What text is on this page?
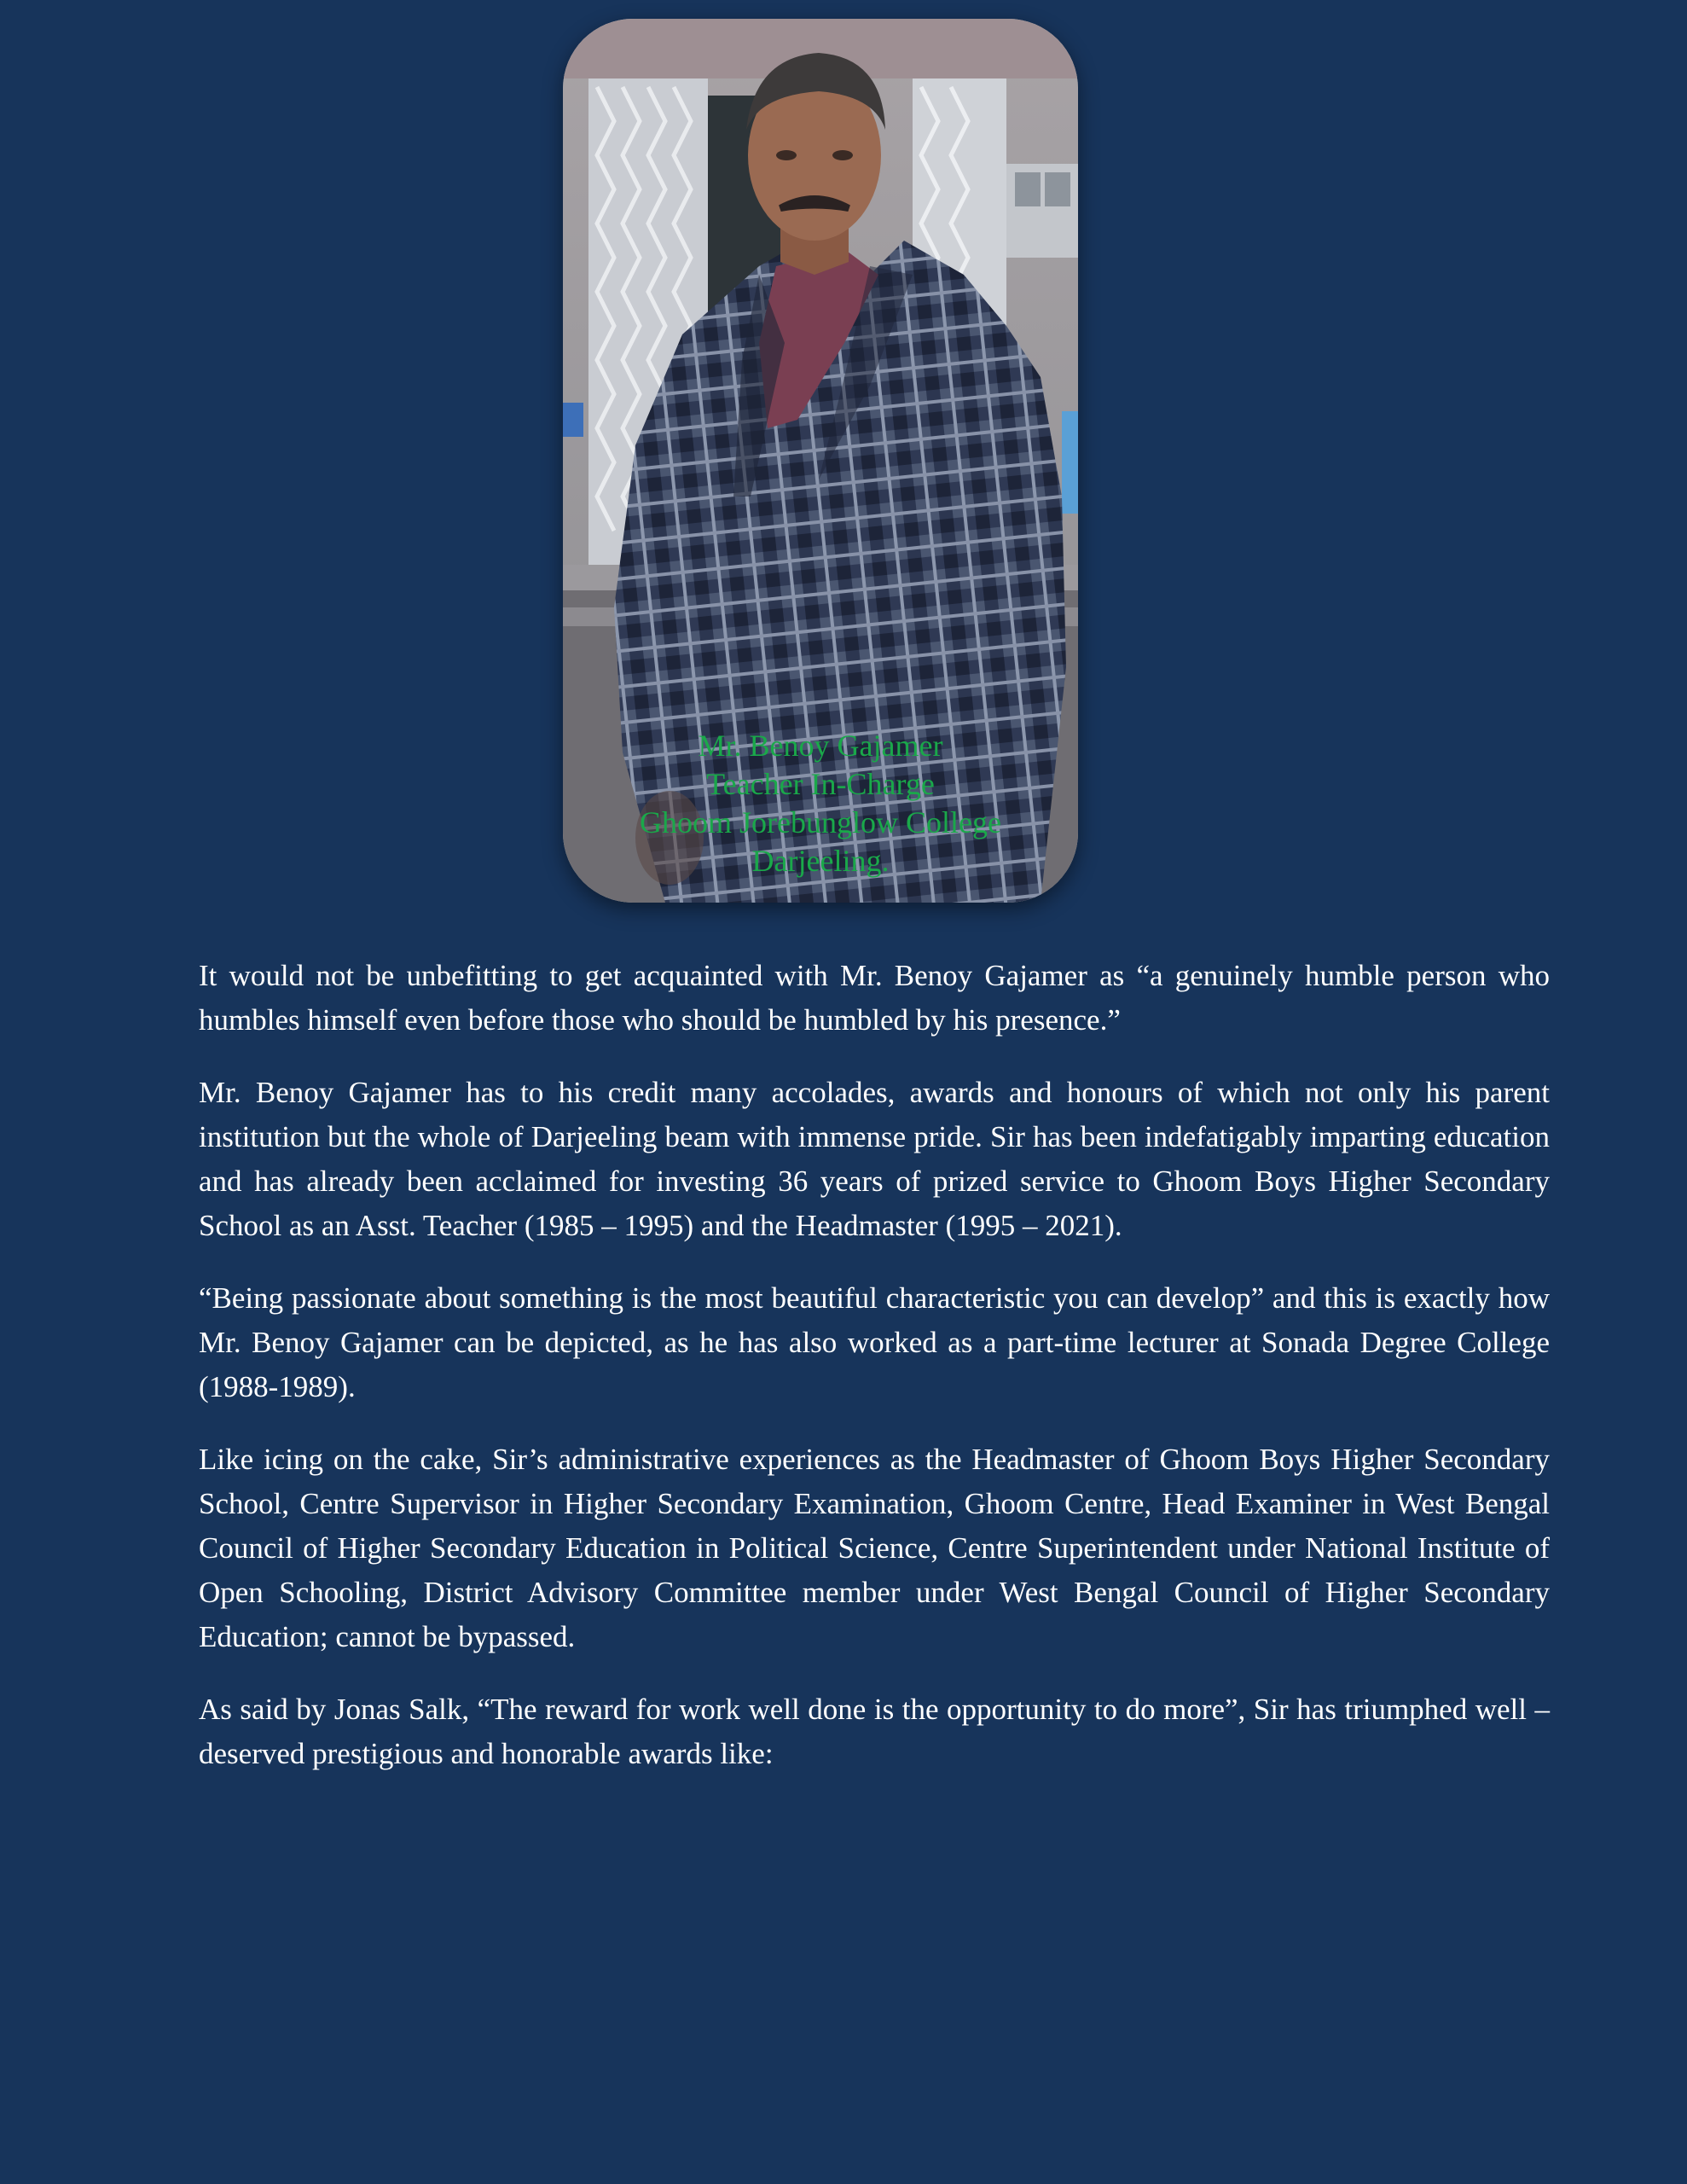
Mr. Benoy Gajamer
Teacher In-Charge
Ghoom Jorebunglow College
Darjeeling.

It would not be unbefitting to get acquainted with Mr. Benoy Gajamer as “a genuinely humble person who humbles himself even before those who should be humbled by his presence.”

Mr. Benoy Gajamer has to his credit many accolades, awards and honours of which not only his parent institution but the whole of Darjeeling beam with immense pride. Sir has been indefatigably imparting education and has already been acclaimed for investing 36 years of prized service to Ghoom Boys Higher Secondary School as an Asst. Teacher (1985 – 1995) and the Headmaster (1995 – 2021).

“Being passionate about something is the most beautiful characteristic you can develop” and this is exactly how Mr. Benoy Gajamer can be depicted, as he has also worked as a part-time lecturer at Sonada Degree College (1988-1989).

Like icing on the cake, Sir’s administrative experiences as the Headmaster of Ghoom Boys Higher Secondary School, Centre Supervisor in Higher Secondary Examination, Ghoom Centre, Head Examiner in West Bengal Council of Higher Secondary Education in Political Science, Centre Superintendent under National Institute of Open Schooling, District Advisory Committee member under West Bengal Council of Higher Secondary Education; cannot be bypassed.

As said by Jonas Salk, “The reward for work well done is the opportunity to do more”, Sir has triumphed well – deserved prestigious and honorable awards like:
